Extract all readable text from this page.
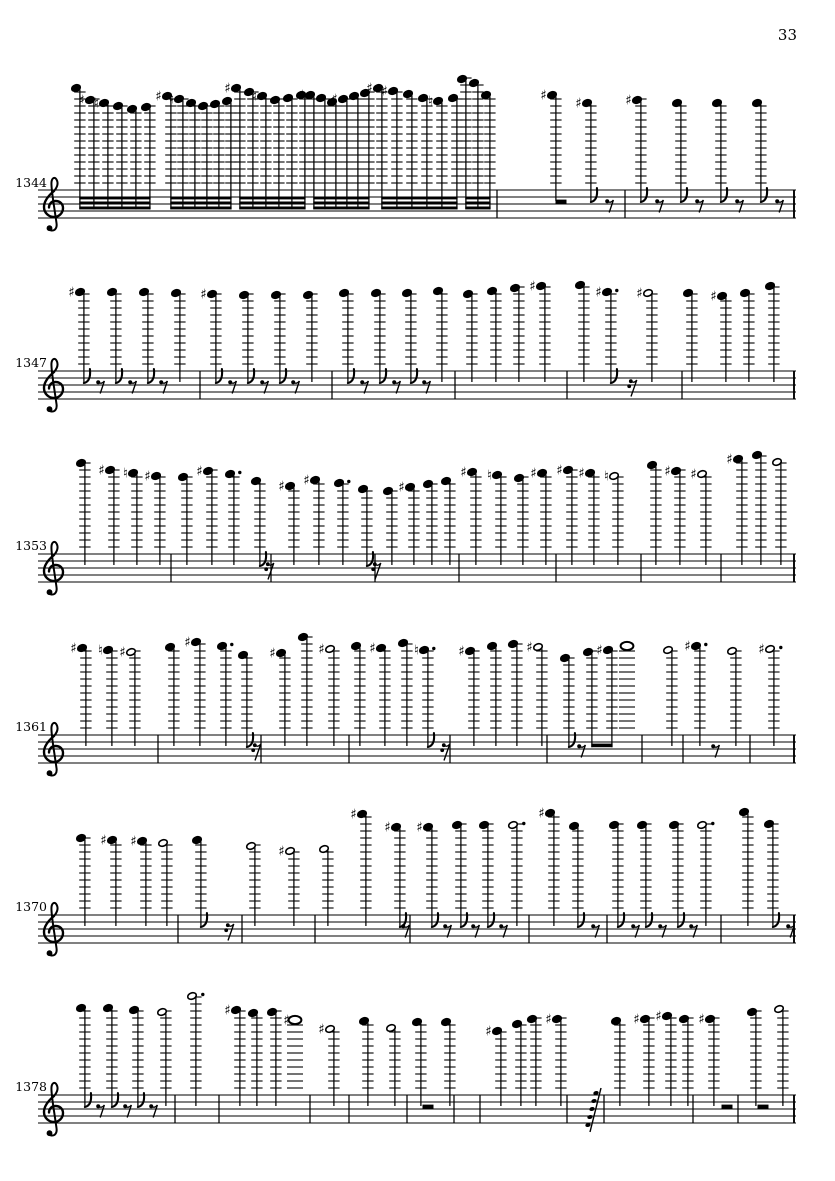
♯ ♮	♯ ♮
♯ ♮	♯ ♯
♯ ♯
♮	♯ ♯	♯
♯	♯	♯	♯	♯	♯
♯ ♮ ♯	♯
♯ ♯	♯
♯ ♮	♯ ♯ ♯ ♮	♯ ♯
♯
♯ ♮ ♯
♯
♯	♯	♯	♮	♯	♯	♯	♯	♯
♯ ♯
♯
♯
♯ ♯
♯
♯
♯
♯	♯
♯	♯ ♯	♯
33
1344
1347
1353
1361
1370
1378
